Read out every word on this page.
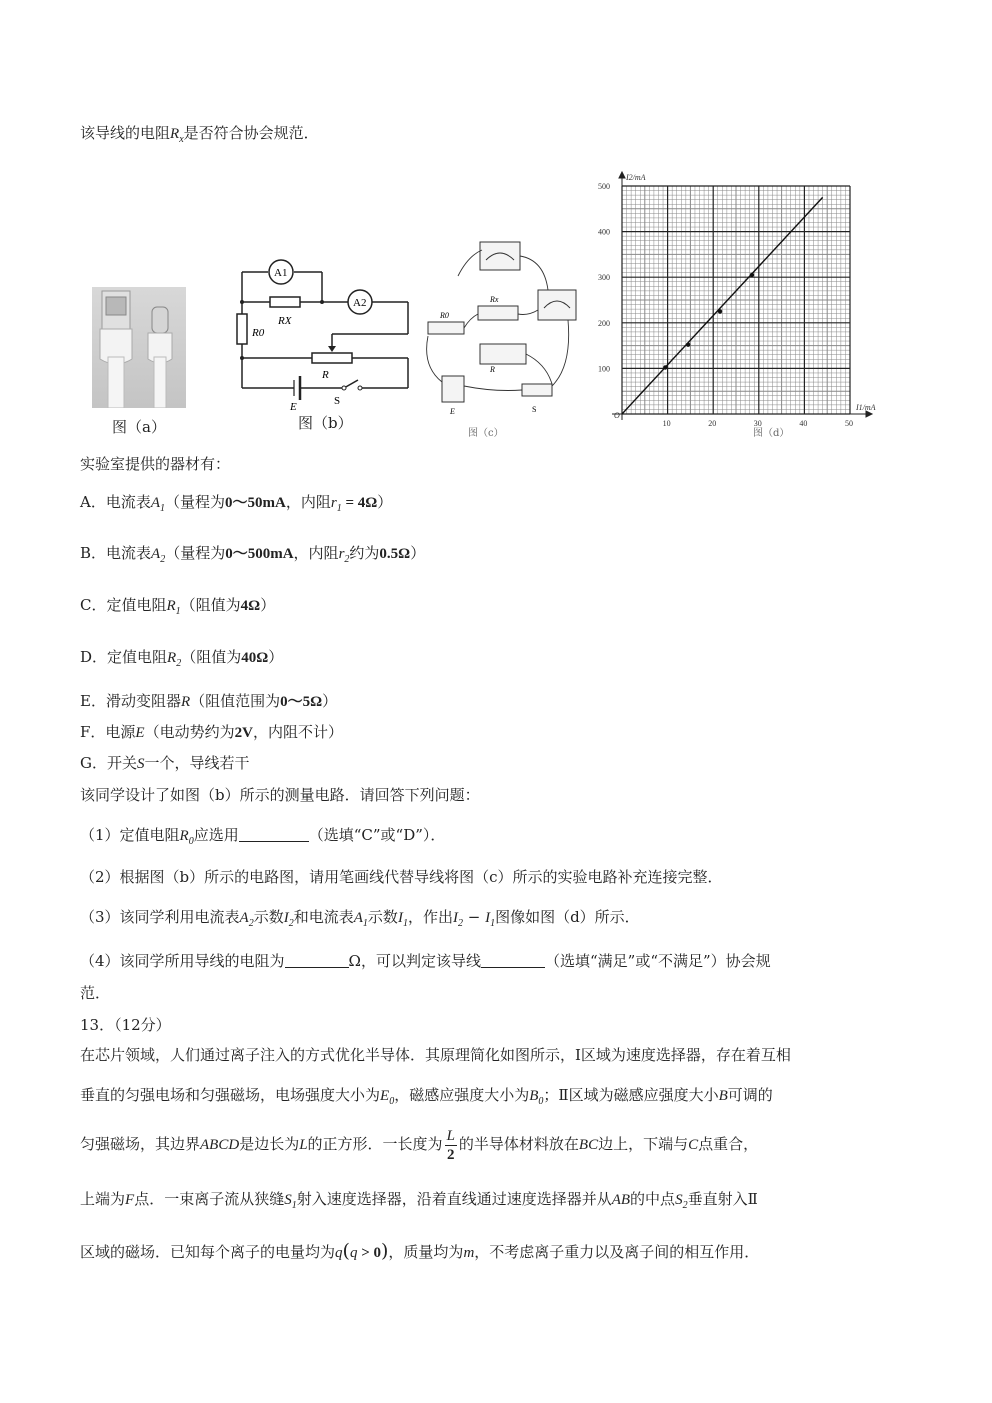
该导线的电阻$R_x$是否符合协会规范．
图（a）
A1
A2
RX
R0
R
E	S
图（b）
Rx
R0
R
E	S
图（c）
10	20	30	40	50
100
200
300
400
500
O
I1/mA
I2/mA
图（d）
实验室提供的器材有：
A．电流表$A_1$（量程为0～50mA，内阻$r_1 = 4\Omega$）
B．电流表$A_2$（量程为0～500mA，内阻$r_2$约为0.5Ω）
C．定值电阻$R_1$（阻值为4Ω）
D．定值电阻$R_2$（阻值为40Ω）
E．滑动变阻器R（阻值范围为0～5Ω）
F．电源E（电动势约为2V，内阻不计）
G．开关S一个，导线若干
该同学设计了如图（b）所示的测量电路．请回答下列问题：
（1）定值电阻$R_0$应选用	（选填“C”或“D”）．
（2）根据图（b）所示的电路图，请用笔画线代替导线将图（c）所示的实验电路补充连接完整．
（3）该同学利用电流表$A_2$示数$I_2$和电流表$A_1$示数$I_1$，作出$I_2 - I_1$图像如图（d）所示．
（4）该同学所用导线的电阻为	Ω，可以判定该导线	（选填“满足”或“不满足”）协会规
范．
13．（12分）
在芯片领域，人们通过离子注入的方式优化半导体．其原理简化如图所示，Ⅰ区域为速度选择器，存在着互相
垂直的匀强电场和匀强磁场，电场强度大小为$E_0$，磁感应强度大小为$B_0$；Ⅱ区域为磁感应强度大小B可调的
匀强磁场，其边界ABCD是边长为L的正方形．一长度为 $\frac{L}{2}$ 的半导体材料放在BC边上，下端与C点重合，
上端为F点．一束离子流从狭缝$S_1$射入速度选择器，沿着直线通过速度选择器并从AB的中点$S_2$垂直射入Ⅱ
区域的磁场．已知每个离子的电量均为q(q > 0)，质量均为m，不考虑离子重力以及离子间的相互作用．
